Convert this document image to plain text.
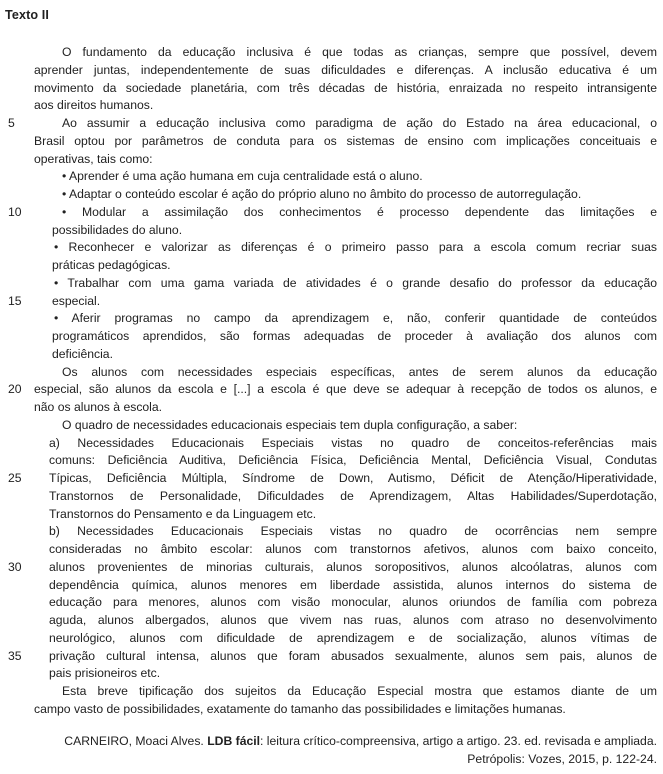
Texto II
O fundamento da educação inclusiva é que todas as crianças, sempre que possível, devem
aprender juntas, independentemente de suas dificuldades e diferenças. A inclusão educativa é um
movimento da sociedade planetária, com três décadas de história, enraizada no respeito intransigente
aos direitos humanos.
5	Ao assumir a educação inclusiva como paradigma de ação do Estado na área educacional, o
Brasil optou por parâmetros de conduta para os sistemas de ensino com implicações conceituais e
operativas, tais como:
• Aprender é uma ação humana em cuja centralidade está o aluno.
• Adaptar o conteúdo escolar é ação do próprio aluno no âmbito do processo de autorregulação.
10	• Modular a assimilação dos conhecimentos é processo dependente das limitações e
possibilidades do aluno.
• Reconhecer e valorizar as diferenças é o primeiro passo para a escola comum recriar suas
práticas pedagógicas.
• Trabalhar com uma gama variada de atividades é o grande desafio do professor da educação
15	especial.
• Aferir programas no campo da aprendizagem e, não, conferir quantidade de conteúdos
programáticos aprendidos, são formas adequadas de proceder à avaliação dos alunos com
deficiência.
Os alunos com necessidades especiais específicas, antes de serem alunos da educação
20	especial, são alunos da escola e [...] a escola é que deve se adequar à recepção de todos os alunos, e
não os alunos à escola.
O quadro de necessidades educacionais especiais tem dupla configuração, a saber:
a) Necessidades Educacionais Especiais vistas no quadro de conceitos-referências mais
comuns: Deficiência Auditiva, Deficiência Física, Deficiência Mental, Deficiência Visual, Condutas
25	Típicas, Deficiência Múltipla, Síndrome de Down, Autismo, Déficit de Atenção/Hiperatividade,
Transtornos de Personalidade, Dificuldades de Aprendizagem, Altas Habilidades/Superdotação,
Transtornos do Pensamento e da Linguagem etc.
b) Necessidades Educacionais Especiais vistas no quadro de ocorrências nem sempre
consideradas no âmbito escolar: alunos com transtornos afetivos, alunos com baixo conceito,
30	alunos provenientes de minorias culturais, alunos soropositivos, alunos alcoólatras, alunos com
dependência química, alunos menores em liberdade assistida, alunos internos do sistema de
educação para menores, alunos com visão monocular, alunos oriundos de família com pobreza
aguda, alunos albergados, alunos que vivem nas ruas, alunos com atraso no desenvolvimento
neurológico, alunos com dificuldade de aprendizagem e de socialização, alunos vítimas de
35	privação cultural intensa, alunos que foram abusados sexualmente, alunos sem pais, alunos de
pais prisioneiros etc.
Esta breve tipificação dos sujeitos da Educação Especial mostra que estamos diante de um
campo vasto de possibilidades, exatamente do tamanho das possibilidades e limitações humanas.
CARNEIRO, Moaci Alves. LDB fácil: leitura crítico-compreensiva, artigo a artigo. 23. ed. revisada e ampliada.
Petrópolis: Vozes, 2015, p. 122-24.
